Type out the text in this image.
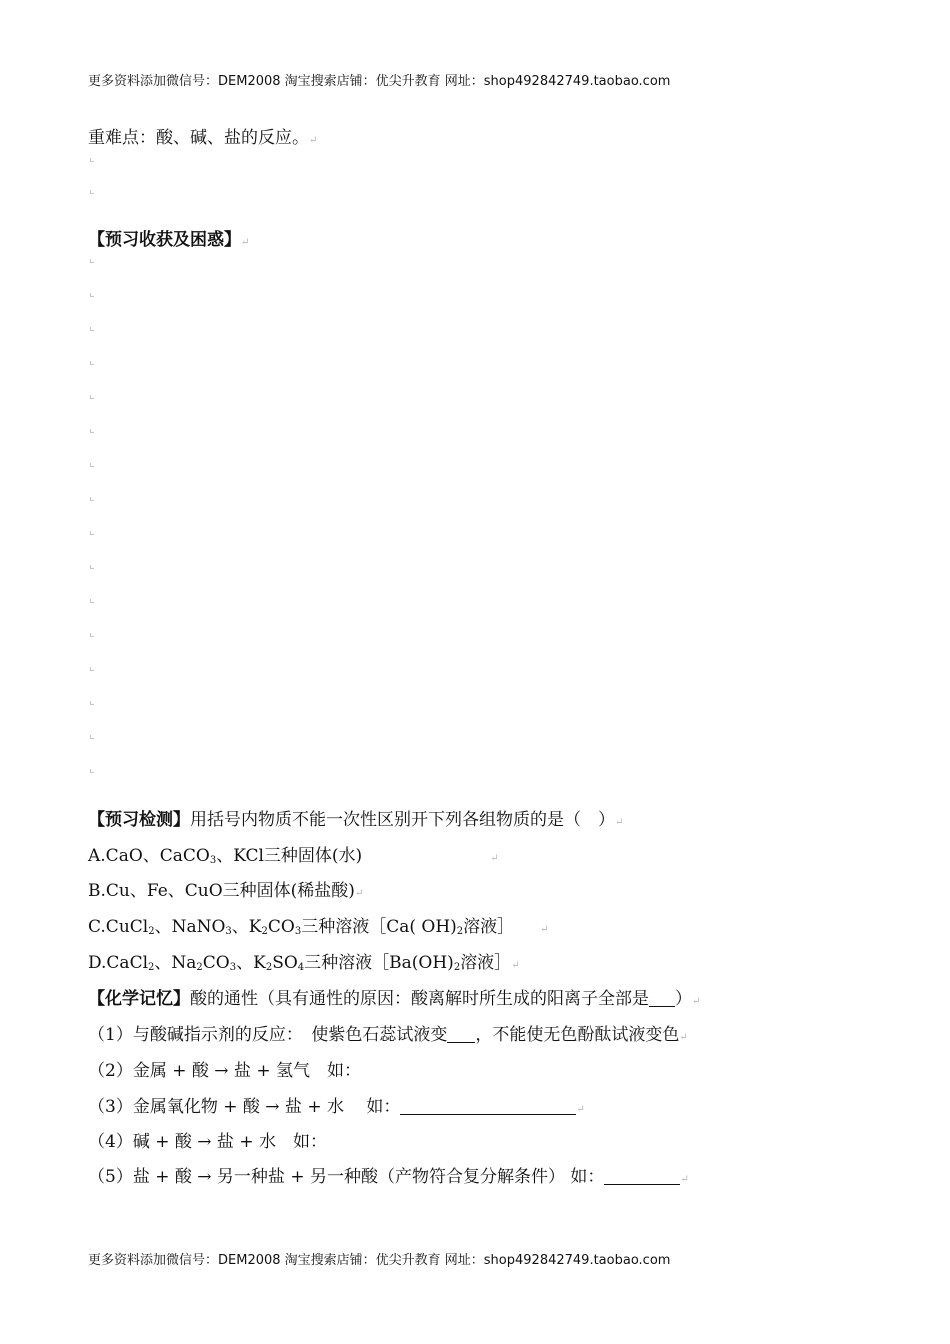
更多资料添加微信号：DEM2008 淘宝搜索店铺：优尖升教育 网址：shop492842749.taobao.com
重难点：酸、碱、盐的反应。↵
【预习收获及困惑】↵
【预习检测】用括号内物质不能一次性区别开下列各组物质的是（　）↵
A.CaO、CaCO$_3$、KCl三种固体(水)	↵
B.Cu、Fe、CuO三种固体(稀盐酸)↵
C.CuCl$_2$、NaNO$_3$、$K_2CO_3$三种溶液［Ca( $OH)_2$溶液］	↵
D.CaCl$_2$、$Na_2CO_3$、$K_2SO_4$三种溶液$[Ba(OH)_2$溶液］↵
【化学记忆】酸的通性（具有通性的原因：酸离解时所生成的阳离子全部是 ）↵
（1）与酸碱指示剂的反应：　使紫色石蕊试液变 ，不能使无色酚酞试液变色↵
（2）金属 + 酸 → 盐 + 氢气　如：
（3）金属氧化物 + 酸 → 盐 + 水　 如：	↵
（4）碱 + 酸 → 盐 + 水　如：
（5）盐 + 酸 → 另一种盐 + 另一种酸（产物符合复分解条件） 如：	↵
更多资料添加微信号：DEM2008 淘宝搜索店铺：优尖升教育 网址：shop492842749.taobao.com
